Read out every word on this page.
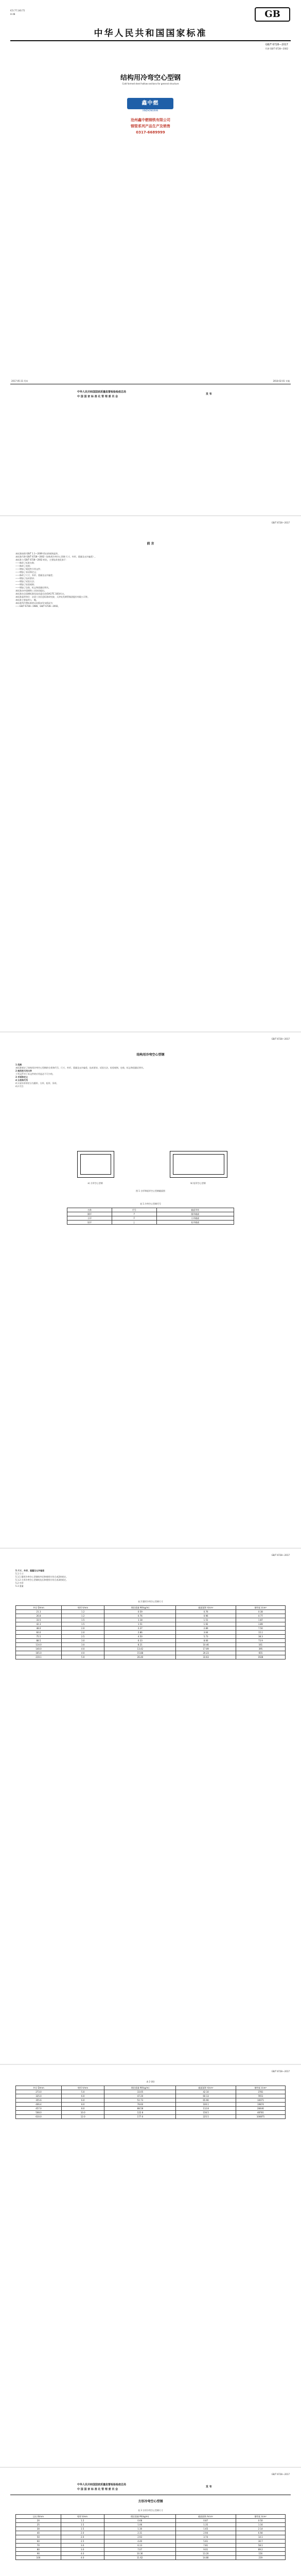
ICS 77.140.75
H 48	GB
中华人民共和国国家标准
GB/T 6728—2017
代替 GB/T 6728—2002
结构用冷弯空心型钢
Cold formed steel hollow sections for general structure
鑫中燃
XINZHONGRAN
沧州鑫中燃钢铁有限公司
钢管系列产品生产及销售
0317-6689999
2017-05-31 发布	2018-02-01 实施
中华人民共和国国家质量监督检验检疫总局
中 国 国 家 标 准 化 管 理 委 员 会
发 布
GB/T 6728—2017
前 言
本标准按照 GB/T 1.1—2009 给出的规则起草。
本标准代替 GB/T 6728—2002《结构用冷弯空心型钢 尺寸、外形、重量及允许偏差》。
本标准与 GB/T 6728—2002 相比，主要技术变化如下：
——修改了标准名称；
——修改了范围；
——增加了规范性引用文件；
——增加了术语和定义；
——修改了尺寸、外形、重量及允许偏差；
——增加了技术要求；
——增加了试验方法；
——增加了检验规则；
——增加了包装、标志和质量证明书。
本标准由中国钢铁工业协会提出。
本标准由全国钢标准化技术委员会(SAC/TC 183)归口。
本标准起草单位：冶金工业信息标准研究院、天津友发钢管集团股份有限公司等。
本标准主要起草人：略。
本标准所代替标准的历次版本发布情况为：
——GB/T 6728—1986、GB/T 6728—2002。
GB/T 6728—2017
结构用冷弯空心型钢
1 范围
本标准规定了结构用冷弯空心型钢的分类和代号、尺寸、外形、重量及允许偏差、技术要求、试验方法、检验规则、包装、标志和质量证明书。
2 规范性引用文件
下列文件对于本文件的应用是必不可少的。
3 术语和定义
4 分类和代号
4.1 按外形形状分为圆形、方形、矩形、异形。
4.2 代号
a) 方形空心型钢	b) 矩形空心型钢
图 1 方形和矩形空心型钢截面图
表 1 冷弯空心型钢代号
名称	代号	截面形状
圆形	Y	圆形截面
方形	F	方形截面
矩形	J	矩形截面
GB/T 6728—2017
5 尺寸、外形、重量及允许偏差
5.1 尺寸
5.1.1 圆形冷弯空心型钢的外径和壁厚应符合表2的规定。
5.1.2 方形冷弯空心型钢的边长和壁厚应符合表3的规定。
5.2 外形
5.3 重量
表 2 圆形冷弯空心型钢尺寸
外径 D/mm	壁厚 t/mm	理论重量 M/(kg/m)	截面面积 A/cm²	惯性矩 I/cm⁴
21.3	1.2	0.59	0.76	0.38
26.8	1.2	0.76	0.96	0.77
33.5	1.5	1.18	1.51	1.87
42.3	1.5	1.51	1.92	3.89
48.0	2.0	2.27	2.89	7.50
60.0	2.0	2.86	3.64	15.1
75.5	2.5	4.50	5.73	38.3
88.5	3.0	6.33	8.06	73.9
114.0	3.0	8.21	10.46	161
140.0	4.0	13.42	17.09	395
165.0	4.0	15.88	20.23	655
219.1	5.0	26.40	33.63	1928
GB/T 6728—2017
表 2 (续)
外径 D/mm	壁厚 t/mm	理论重量 M/(kg/m)	截面面积 A/cm²	惯性矩 I/cm⁴
273.0	5.0	33.05	42.10	3781
325.0	6.0	47.20	60.13	7651
355.6	6.0	51.73	65.90	10071
406.4	8.0	78.60	100.1	19874
457.0	8.0	88.58	112.8	28446
508.0	10.0	122.8	156.5	48781
610.0	12.0	177.0	225.5	100875
GB/T 6728—2017
中华人民共和国国家质量监督检验检疫总局
中 国 国 家 标 准 化 管 理 委 员 会
发 布
方形冷弯空心型钢
表 3 方形冷弯空心型钢尺寸
边长 B/mm	壁厚 t/mm	理论重量 M/(kg/m)	截面面积 A/cm²	惯性矩 I/cm⁴
20	1.2	0.68	0.87	0.50
25	1.5	1.06	1.35	1.16
30	1.5	1.30	1.65	2.14
40	2.0	2.31	2.94	6.94
50	2.0	2.93	3.74	14.1
60	2.5	4.40	5.61	30.7
70	3.0	6.13	7.81	58.1
80	3.0	7.07	9.01	89.2
90	4.0	10.36	13.20	156
100	4.0	11.62	14.80	219
